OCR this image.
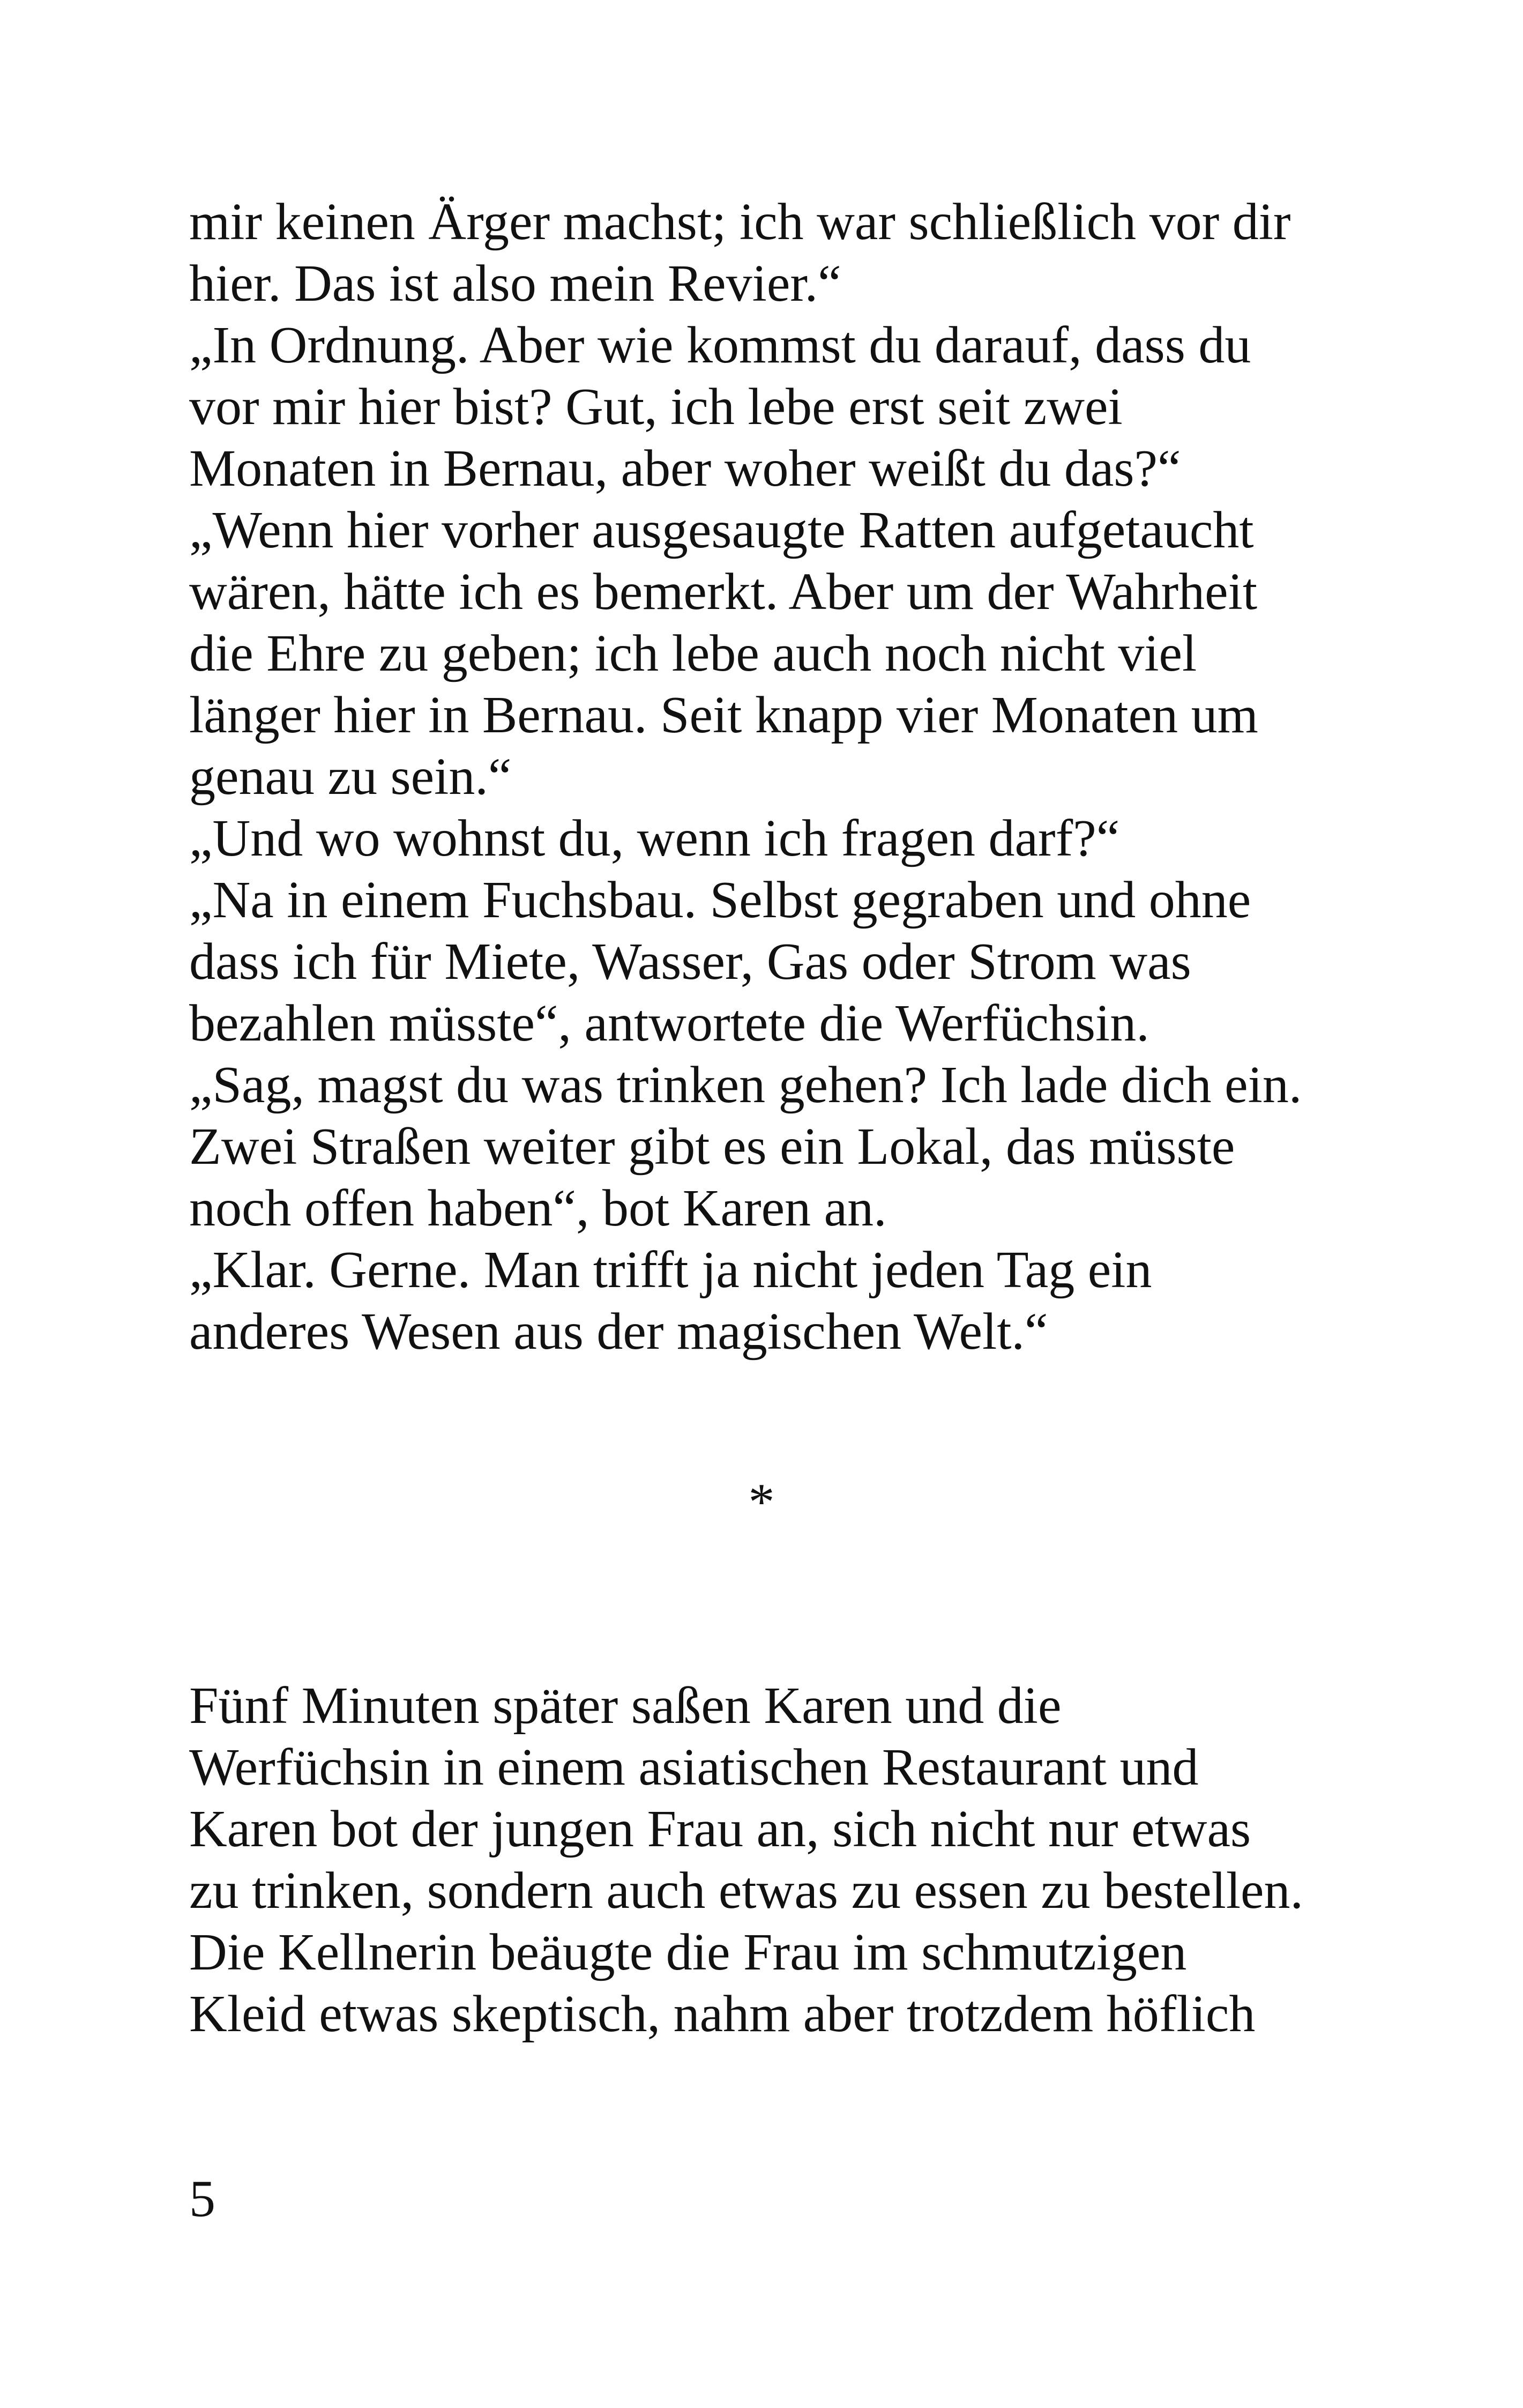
mir keinen Ärger machst; ich war schließlich vor dir
hier. Das ist also mein Revier.“
„In Ordnung. Aber wie kommst du darauf, dass du
vor mir hier bist? Gut, ich lebe erst seit zwei
Monaten in Bernau, aber woher weißt du das?“
„Wenn hier vorher ausgesaugte Ratten aufgetaucht
wären, hätte ich es bemerkt. Aber um der Wahrheit
die Ehre zu geben; ich lebe auch noch nicht viel
länger hier in Bernau. Seit knapp vier Monaten um
genau zu sein.“
„Und wo wohnst du, wenn ich fragen darf?“
„Na in einem Fuchsbau. Selbst gegraben und ohne
dass ich für Miete, Wasser, Gas oder Strom was
bezahlen müsste“, antwortete die Werfüchsin.
„Sag, magst du was trinken gehen? Ich lade dich ein.
Zwei Straßen weiter gibt es ein Lokal, das müsste
noch offen haben“, bot Karen an.
„Klar. Gerne. Man trifft ja nicht jeden Tag ein
anderes Wesen aus der magischen Welt.“
*
Fünf Minuten später saßen Karen und die
Werfüchsin in einem asiatischen Restaurant und
Karen bot der jungen Frau an, sich nicht nur etwas
zu trinken, sondern auch etwas zu essen zu bestellen.
Die Kellnerin beäugte die Frau im schmutzigen
Kleid etwas skeptisch, nahm aber trotzdem höflich
5
